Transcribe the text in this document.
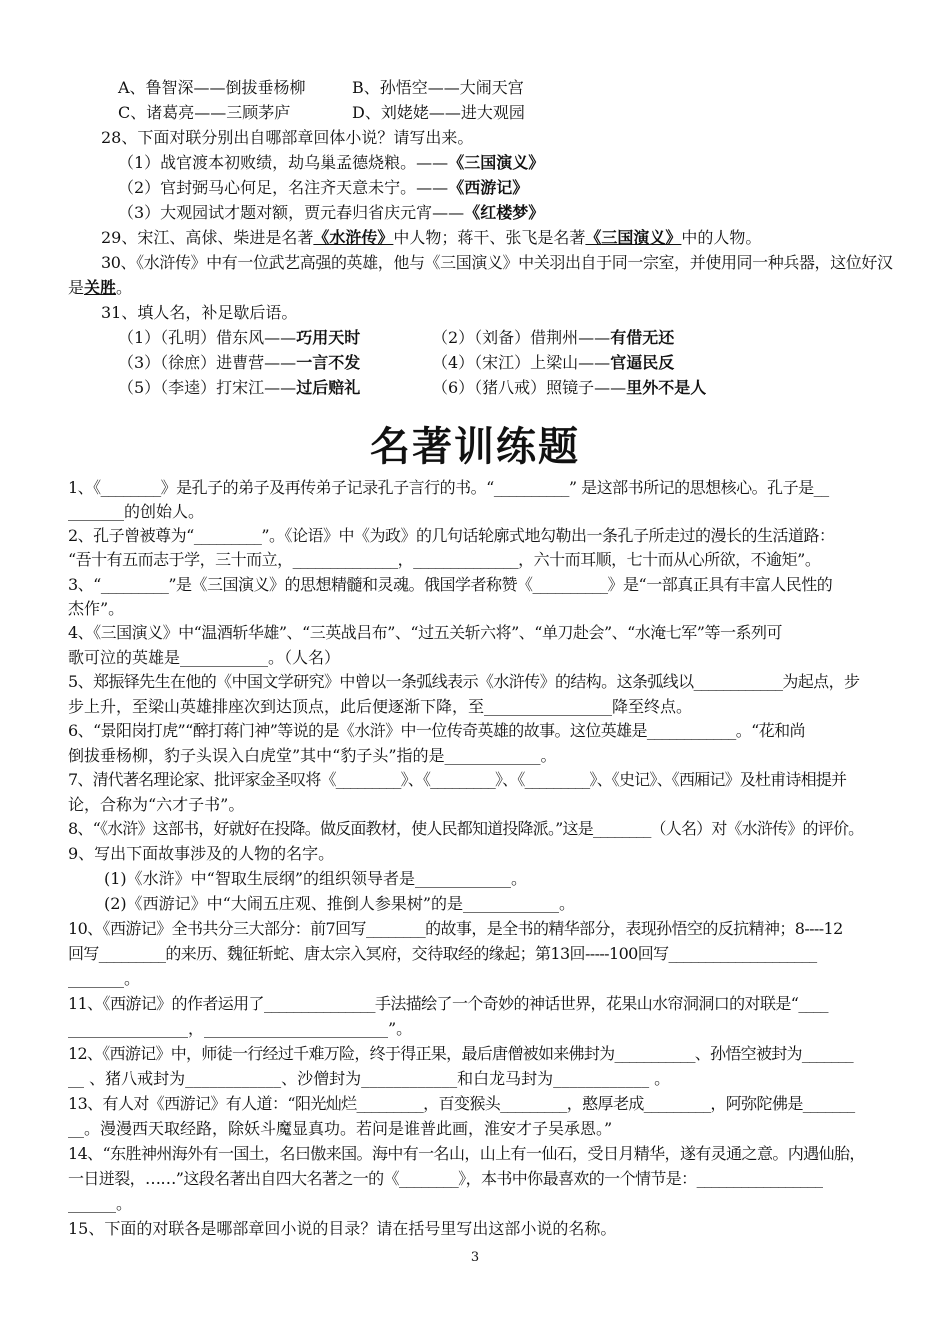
A、鲁智深——倒拔垂杨柳	B、孙悟空——大闹天宫
C、诸葛亮——三顾茅庐	D、刘姥姥——进大观园
28、下面对联分别出自哪部章回体小说？请写出来。
（1）战官渡本初败绩，劫乌巢孟德烧粮。——《三国演义》
（2）官封弼马心何足，名注齐天意未宁。——《西游记》
（3）大观园试才题对额，贾元春归省庆元宵——《红楼梦》
29、宋江、高俅、柴进是名著《水浒传》中人物；蒋干、张飞是名著《三国演义》中的人物。
30、《水浒传》中有一位武艺高强的英雄，他与《三国演义》中关羽出自于同一宗室，并使用同一种兵器，这位好汉
是关胜。
31、填人名，补足歇后语。
（1）（孔明）借东风——巧用天时	（2）（刘备）借荆州——有借无还
（3）（徐庶）进曹营——一言不发	（4）（宋江）上梁山——官逼民反
（5）（李逵）打宋江——过后赔礼	（6）（猪八戒）照镜子——里外不是人
名著训练题
1、《________》是孔子的弟子及再传弟子记录孔子言行的书。“__________” 是这部书所记的思想核心。孔子是__
_______的创始人。
2、孔子曾被尊为“_________”。《论语》中《为政》的几句话轮廓式地勾勒出一条孔子所走过的漫长的生活道路：
“吾十有五而志于学，三十而立，______________，______________，六十而耳顺，七十而从心所欲，不逾矩”。
3、“_________”是《三国演义》的思想精髓和灵魂。俄国学者称赞《__________》是“一部真正具有丰富人民性的
杰作”。
4、《三国演义》中“温酒斩华雄”、“三英战吕布”、“过五关斩六将”、“单刀赴会”、“水淹七军”等一系列可
歌可泣的英雄是___________。（人名）
5、郑振铎先生在他的《中国文学研究》中曾以一条弧线表示《水浒传》的结构。这条弧线以____________为起点，步
步上升，至梁山英雄排座次到达顶点，此后便逐渐下降，至________________降至终点。
6、“景阳岗打虎”“醉打蒋门神”等说的是《水浒》中一位传奇英雄的故事。这位英雄是____________。“花和尚
倒拔垂杨柳，豹子头误入白虎堂”其中“豹子头”指的是____________。
7、清代著名理论家、批评家金圣叹将《_________》、《_________》、《_________》、《史记》、《西厢记》及杜甫诗相提并
论，合称为“六才子书”。
8、“《水浒》这部书，好就好在投降。做反面教材，使人民都知道投降派。”这是________（人名）对《水浒传》的评价。
9、写出下面故事涉及的人物的名字。
(1)《水浒》中“智取生辰纲”的组织领导者是____________。
(2)《西游记》中“大闹五庄观、推倒人参果树”的是____________。
10、《西游记》全书共分三大部分：前7回写________的故事，是全书的精华部分，表现孙悟空的反抗精神；8----12
回写_________的来历、魏征斩蛇、唐太宗入冥府，交待取经的缘起；第13回-----100回写____________________
_______。
11、《西游记》的作者运用了_______________手法描绘了一个奇妙的神话世界，花果山水帘洞洞口的对联是“____
_______________，_______________________”。
12、《西游记》中，师徒一行经过千难万险，终于得正果，最后唐僧被如来佛封为___________、孙悟空被封为_______
__ 、猪八戒封为____________、沙僧封为____________和白龙马封为____________ 。
13、有人对《西游记》有人道：“阳光灿烂_________，百变猴头_________，憨厚老成_________，阿弥陀佛是_______
__。漫漫西天取经路，除妖斗魔显真功。若问是谁普此画，淮安才子吴承恩。”
14、“东胜神州海外有一国土，名曰傲来国。海中有一名山，山上有一仙石，受日月精华，遂有灵通之意。内遇仙胎，
一日迸裂，……”这段名著出自四大名著之一的《________》，本书中你最喜欢的一个情节是：_________________
______。
15、下面的对联各是哪部章回小说的目录？请在括号里写出这部小说的名称。
3
